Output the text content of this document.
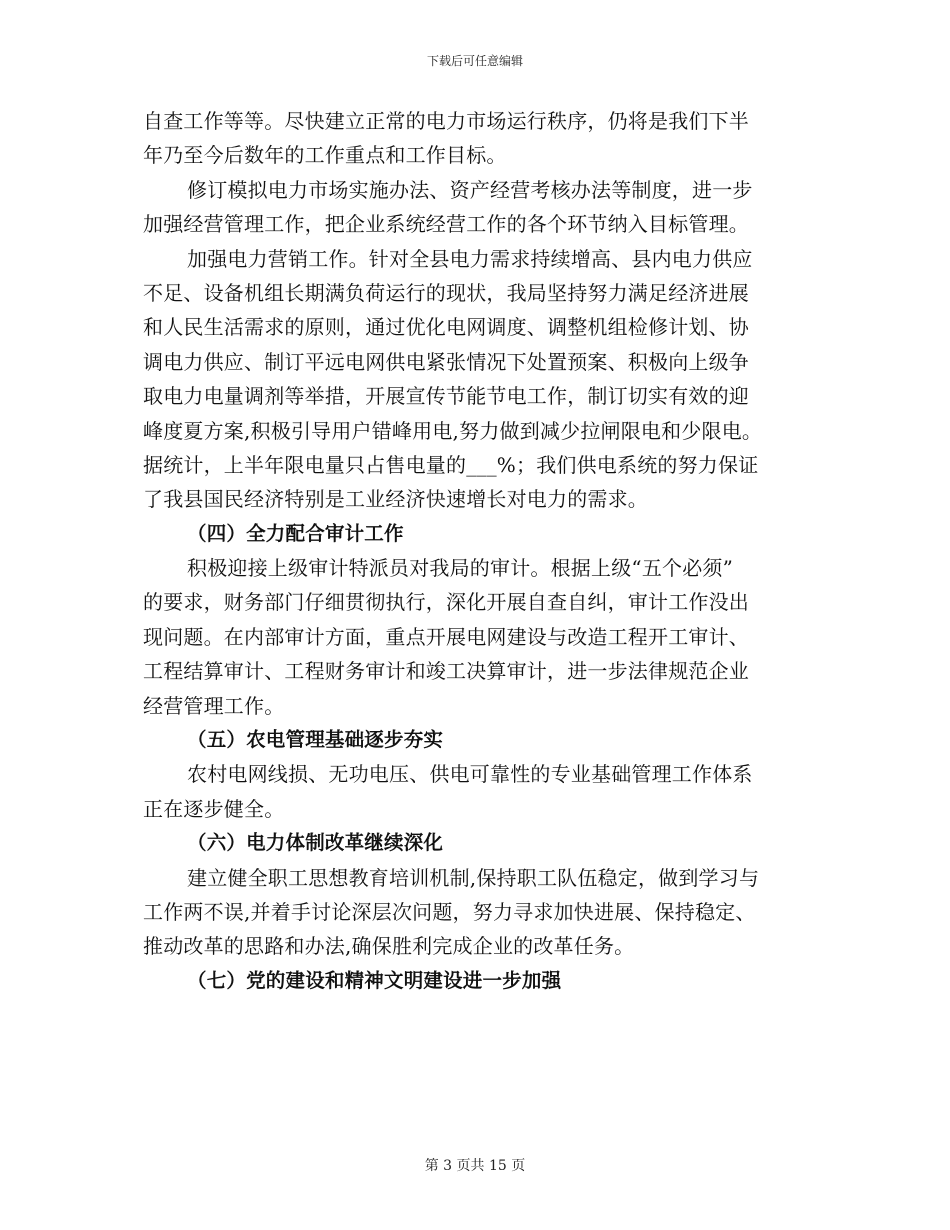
下载后可任意编辑
自查工作等等。尽快建立正常的电力市场运行秩序，仍将是我们下半
年乃至今后数年的工作重点和工作目标。
修订模拟电力市场实施办法、资产经营考核办法等制度，进一步
加强经营管理工作，把企业系统经营工作的各个环节纳入目标管理。
加强电力营销工作。针对全县电力需求持续增高、县内电力供应
不足、设备机组长期满负荷运行的现状，我局坚持努力满足经济进展
和人民生活需求的原则，通过优化电网调度、调整机组检修计划、协
调电力供应、制订平远电网供电紧张情况下处置预案、积极向上级争
取电力电量调剂等举措，开展宣传节能节电工作，制订切实有效的迎
峰度夏方案,积极引导用户错峰用电,努力做到减少拉闸限电和少限电。
据统计，上半年限电量只占售电量的___%；我们供电系统的努力保证
了我县国民经济特别是工业经济快速增长对电力的需求。
（四）全力配合审计工作
积极迎接上级审计特派员对我局的审计。根据上级“五个必须”
的要求，财务部门仔细贯彻执行，深化开展自查自纠，审计工作没出
现问题。在内部审计方面，重点开展电网建设与改造工程开工审计、
工程结算审计、工程财务审计和竣工决算审计，进一步法律规范企业
经营管理工作。
（五）农电管理基础逐步夯实
农村电网线损、无功电压、供电可靠性的专业基础管理工作体系
正在逐步健全。
（六）电力体制改革继续深化
建立健全职工思想教育培训机制,保持职工队伍稳定，做到学习与
工作两不误,并着手讨论深层次问题，努力寻求加快进展、保持稳定、
推动改革的思路和办法,确保胜利完成企业的改革任务。
（七）党的建设和精神文明建设进一步加强
第 3 页共 15 页
